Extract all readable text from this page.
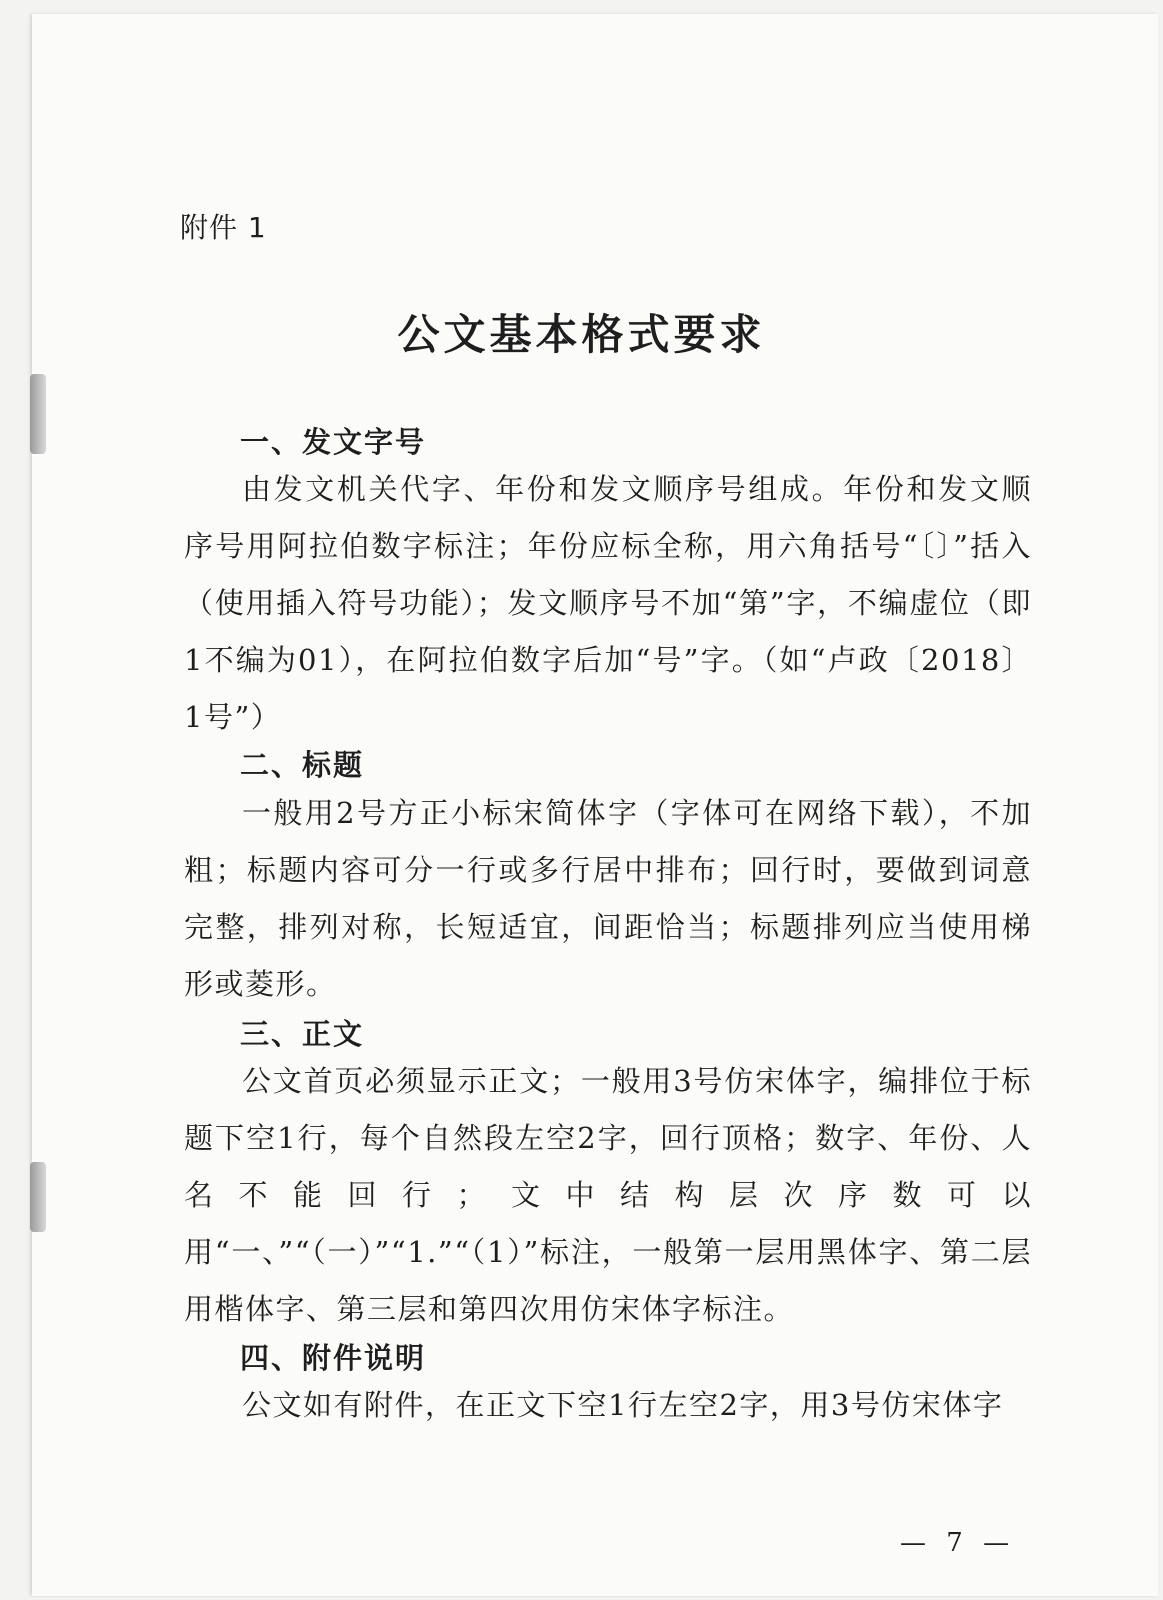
附件 1
公文基本格式要求
一、发文字号
由发文机关代字、年份和发文顺序号组成。年份和发文顺序号用阿拉伯数字标注；年份应标全称，用六角括号“〔〕”括入（使用插入符号功能）；发文顺序号不加“第”字，不编虚位（即1不编为01），在阿拉伯数字后加“号”字。（如“卢政〔2018〕1号”）
二、标题
一般用2号方正小标宋简体字（字体可在网络下载），不加粗；标题内容可分一行或多行居中排布；回行时，要做到词意完整，排列对称，长短适宜，间距恰当；标题排列应当使用梯形或菱形。
三、正文
公文首页必须显示正文；一般用3号仿宋体字，编排位于标题下空1行，每个自然段左空2字，回行顶格；数字、年份、人名不能回行；文中结构层次序数可以用“一、”“（一）”“1.”“（1）”标注，一般第一层用黑体字、第二层用楷体字、第三层和第四次用仿宋体字标注。
四、附件说明
公文如有附件，在正文下空1行左空2字，用3号仿宋体字
— 7 —
